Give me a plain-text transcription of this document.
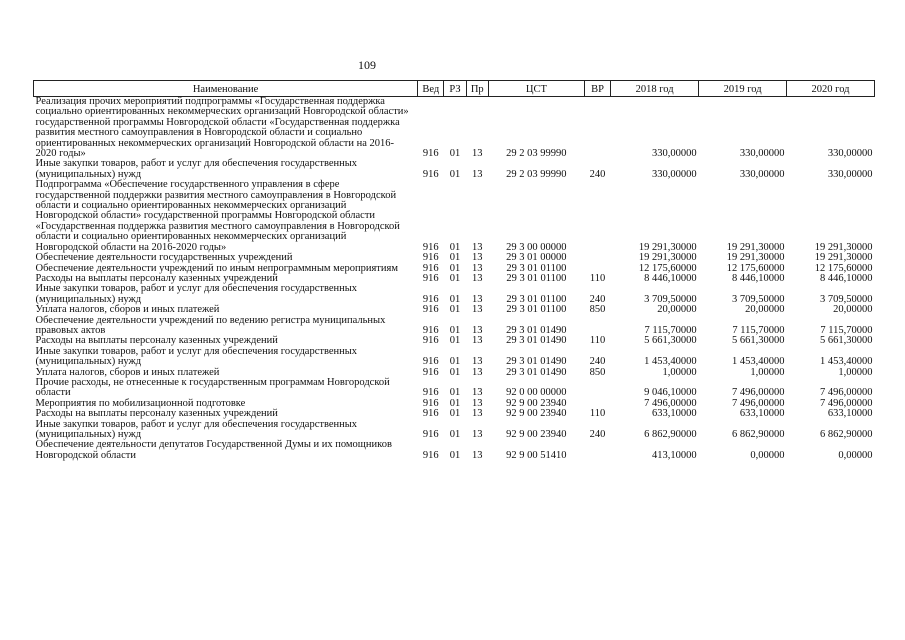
109
Наименование	Вед	РЗ	Пр	ЦСТ	ВР	2018 год	2019 год	2020 год
Реализация прочих мероприятий подпрограммы «Государственная поддержка социально ориентированных некоммерческих организаций Новгородской области» государственной программы Новгородской области «Государственная поддержка развития местного самоуправления в Новгородской области и социально ориентированных некоммерческих организаций Новгородской области на 2016-2020 годы»	916	01	13	29 2 03 99990		330,00000	330,00000	330,00000
Иные закупки товаров, работ и услуг для обеспечения государственных (муниципальных) нужд	916	01	13	29 2 03 99990	240	330,00000	330,00000	330,00000
Подпрограмма «Обеспечение государственного управления в сфере государственной поддержки развития местного самоуправления в Новгородской области и социально ориентированных некоммерческих организаций Новгородской области» государственной программы Новгородской области «Государственная поддержка развития местного самоуправления в Новгородской области и социально ориентированных некоммерческих организаций Новгородской области на 2016-2020 годы»	916	01	13	29 3 00 00000		19 291,30000	19 291,30000	19 291,30000
Обеспечение деятельности государственных учреждений	916	01	13	29 3 01 00000		19 291,30000	19 291,30000	19 291,30000
Обеспечение деятельности учреждений по иным непрограммным мероприятиям	916	01	13	29 3 01 01100		12 175,60000	12 175,60000	12 175,60000
Расходы на выплаты персоналу казенных учреждений	916	01	13	29 3 01 01100	110	8 446,10000	8 446,10000	8 446,10000
Иные закупки товаров, работ и услуг для обеспечения государственных (муниципальных) нужд	916	01	13	29 3 01 01100	240	3 709,50000	3 709,50000	3 709,50000
Уплата налогов, сборов и иных платежей	916	01	13	29 3 01 01100	850	20,00000	20,00000	20,00000
Обеспечение деятельности учреждений по ведению регистра муниципальных правовых актов	916	01	13	29 3 01 01490		7 115,70000	7 115,70000	7 115,70000
Расходы на выплаты персоналу казенных учреждений	916	01	13	29 3 01 01490	110	5 661,30000	5 661,30000	5 661,30000
Иные закупки товаров, работ и услуг для обеспечения государственных (муниципальных) нужд	916	01	13	29 3 01 01490	240	1 453,40000	1 453,40000	1 453,40000
Уплата налогов, сборов и иных платежей	916	01	13	29 3 01 01490	850	1,00000	1,00000	1,00000
Прочие расходы, не отнесенные к государственным программам Новгородской области	916	01	13	92 0 00 00000		9 046,10000	7 496,00000	7 496,00000
Мероприятия по мобилизационной подготовке	916	01	13	92 9 00 23940		7 496,00000	7 496,00000	7 496,00000
Расходы на выплаты персоналу казенных учреждений	916	01	13	92 9 00 23940	110	633,10000	633,10000	633,10000
Иные закупки товаров, работ и услуг для обеспечения государственных (муниципальных) нужд	916	01	13	92 9 00 23940	240	6 862,90000	6 862,90000	6 862,90000
Обеспечение деятельности депутатов Государственной Думы и их помощников Новгородской области	916	01	13	92 9 00 51410		413,10000	0,00000	0,00000
